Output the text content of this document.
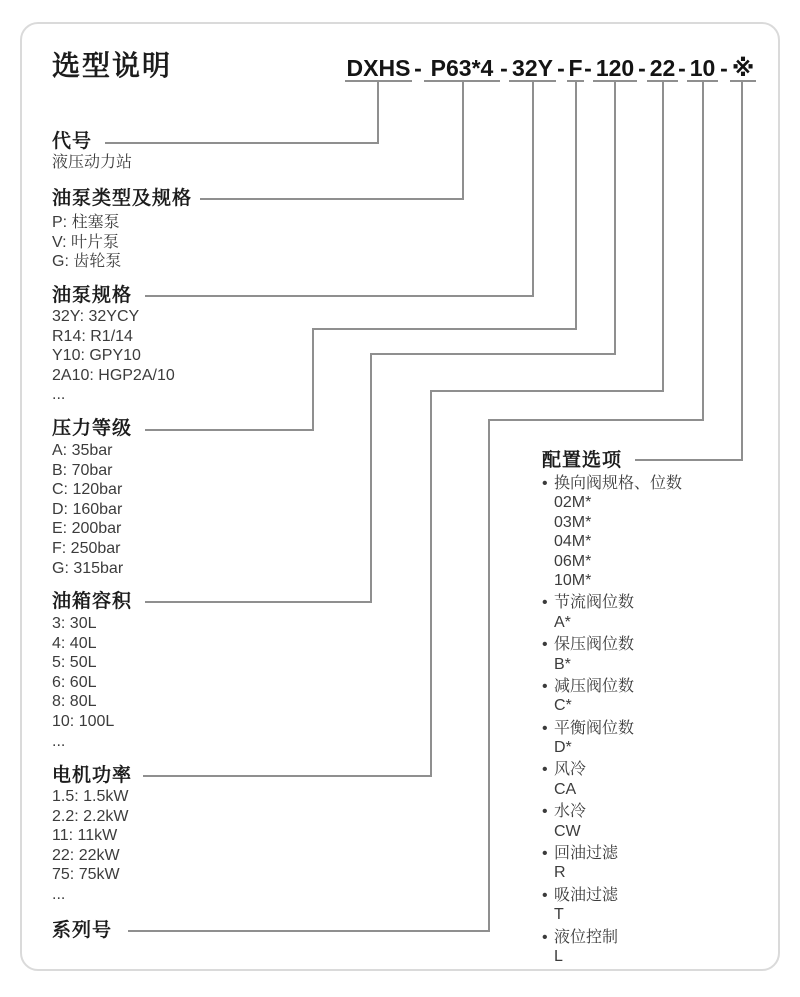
选型说明	DXHS - P63*4 - 32Y - F - 120 - 22 - 10 - ※
代号
液压动力站
油泵类型及规格
P: 柱塞泵
V: 叶片泵
G: 齿轮泵
油泵规格
32Y: 32YCY
R14: R1/14
Y10: GPY10
2A10: HGP2A/10
...
压力等级
A: 35bar
B: 70bar
C: 120bar
D: 160bar
E: 200bar
F: 250bar
G: 315bar
油箱容积
3: 30L
4: 40L
5: 50L
6: 60L
8: 80L
10: 100L
...
电机功率
1.5: 1.5kW
2.2: 2.2kW
11: 11kW
22: 22kW
75: 75kW
...
系列号
配置选项
• 换向阀规格、位数
02M*
03M*
04M*
06M*
10M*
• 节流阀位数
A*
• 保压阀位数
B*
• 减压阀位数
C*
• 平衡阀位数
D*
• 风冷
CA
• 水冷
CW
• 回油过滤
R
• 吸油过滤
T
• 液位控制
L
